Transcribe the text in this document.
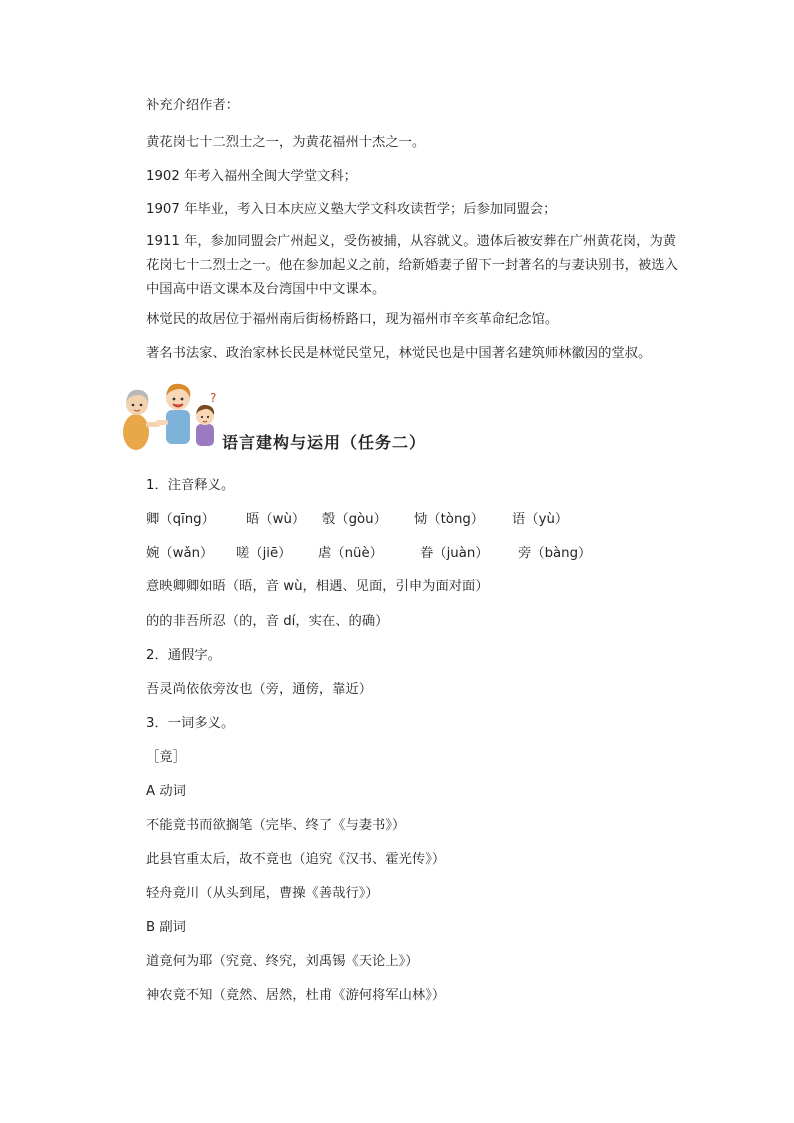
补充介绍作者：
黄花岗七十二烈士之一，为黄花福州十杰之一。
1902 年考入福州全闽大学堂文科；
1907 年毕业，考入日本庆应义塾大学文科攻读哲学；后参加同盟会；
1911 年，参加同盟会广州起义，受伤被捕，从容就义。遗体后被安葬在广州黄花岗，为黄花岗七十二烈士之一。他在参加起义之前，给新婚妻子留下一封著名的与妻诀别书，被选入中国高中语文课本及台湾国中中文课本。
林觉民的故居位于福州南后街杨桥路口，现为福州市辛亥革命纪念馆。
著名书法家、政治家林长民是林觉民堂兄，林觉民也是中国著名建筑师林徽因的堂叔。
?
语言建构与运用（任务二）
1．注音释义。
卿（qīng） 晤（wù） 彀（gòu） 恸（tòng） 语（yù）
婉（wǎn） 嗟（jiē） 虐（nüè）	眷（juàn） 旁（bàng）
意映卿卿如晤（晤，音 wù，相遇、见面，引申为面对面）
的的非吾所忍（的，音 dí，实在、的确）
2．通假字。
吾灵尚依依旁汝也（旁，通傍，靠近）
3．一词多义。
［竟］
A 动词
不能竟书而欲搁笔（完毕、终了《与妻书》）
此县官重太后，故不竟也（追究《汉书、霍光传》）
轻舟竟川（从头到尾，曹操《善哉行》）
B 副词
道竟何为耶（究竟、终究，刘禹锡《天论上》）
神农竟不知（竟然、居然，杜甫《游何将军山林》）
